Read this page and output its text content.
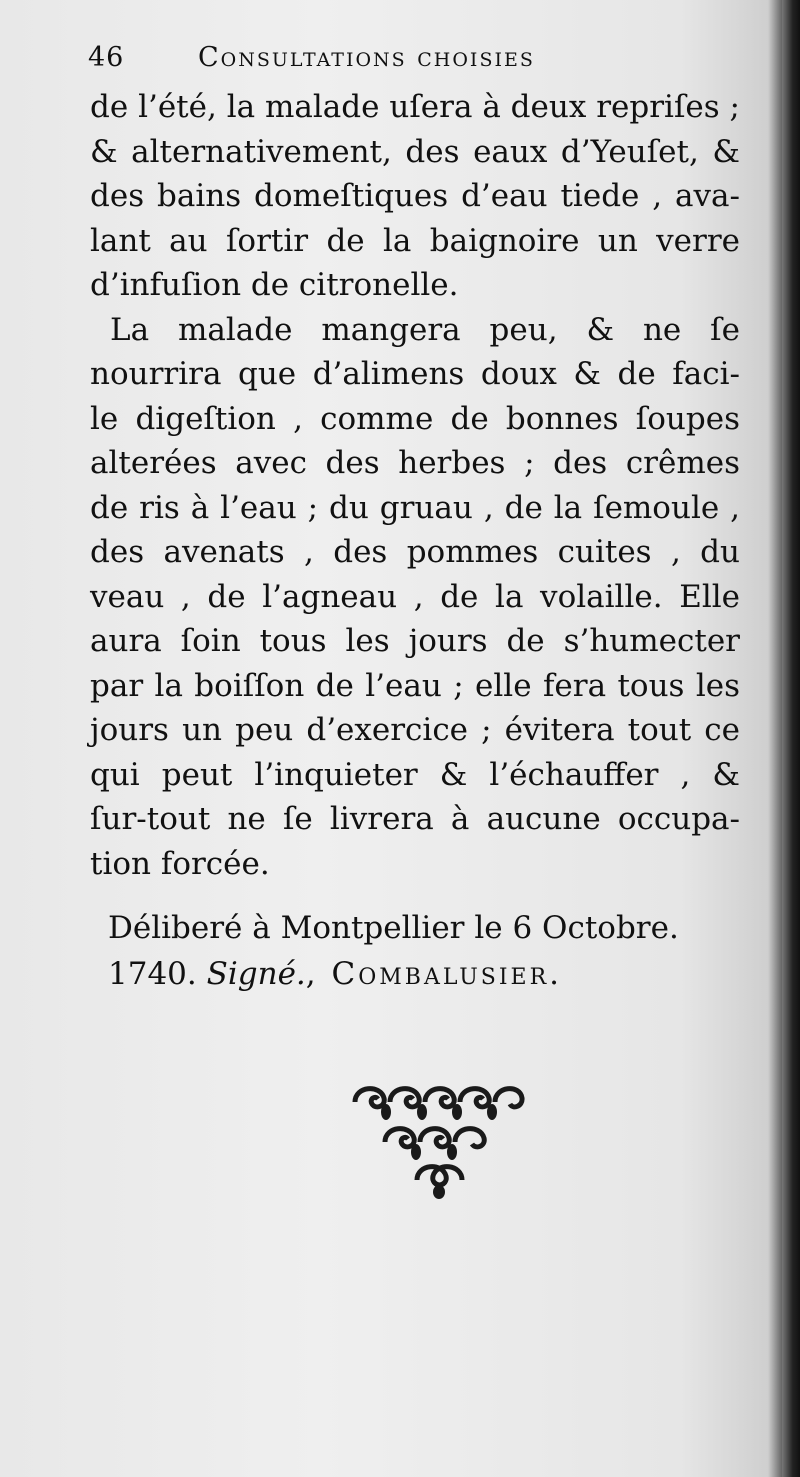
46	Consultations choisies
de l’été, la malade uſera à deux repriſes ;
& alternativement, des eaux d’Yeuſet, &
des bains domeſtiques d’eau tiede , ava-
lant au ſortir de la baignoire un verre
d’infuſion de citronelle.
La malade mangera peu, & ne ſe
nourrira que d’alimens doux & de faci-
le digeſtion , comme de bonnes ſoupes
alterées avec des herbes ; des crêmes
de ris à l’eau ; du gruau , de la ſemoule ,
des avenats , des pommes cuites , du
veau , de l’agneau , de la volaille. Elle
aura ſoin tous les jours de s’humecter
par la boiſſon de l’eau ; elle fera tous les
jours un peu d’exercice ; évitera tout ce
qui peut l’inquieter & l’échauffer , &
ſur-tout ne ſe livrera à aucune occupa-
tion forcée.
Déliberé à Montpellier le 6 Octobre.
1740. Signé., Combalusier.
